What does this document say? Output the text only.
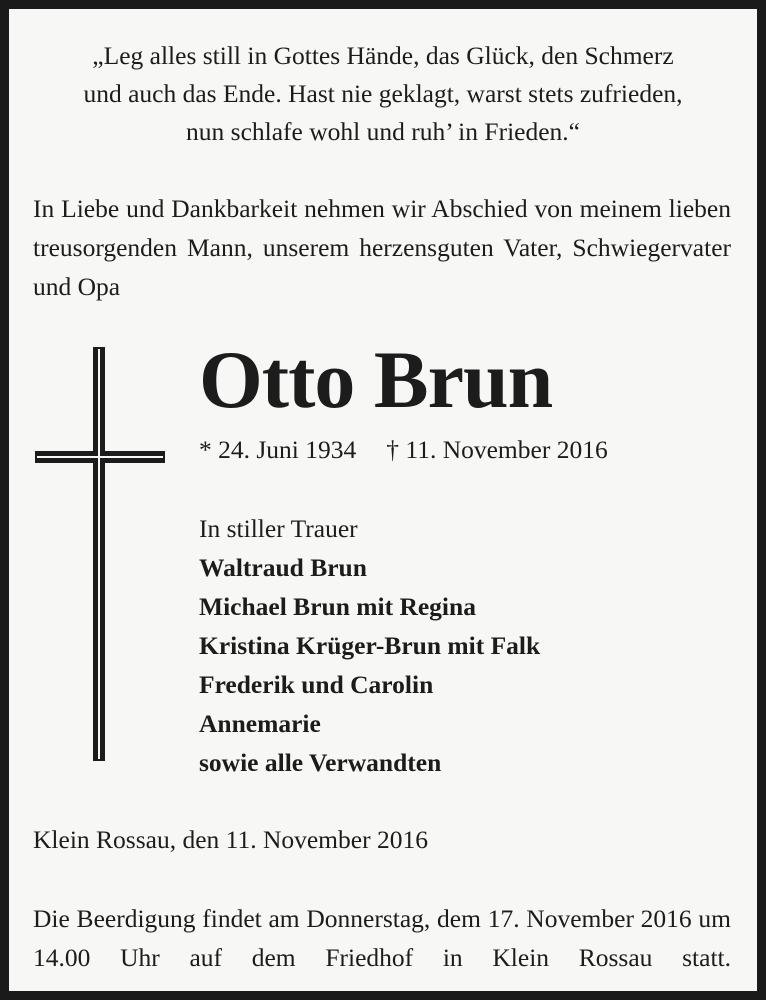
„Leg alles still in Gottes Hände, das Glück, den Schmerz
und auch das Ende. Hast nie geklagt, warst stets zufrieden,
nun schlafe wohl und ruh’ in Frieden.“
In Liebe und Dankbarkeit nehmen wir Abschied von meinem lieben treusorgenden Mann, unserem herzensguten Vater, Schwiegervater und Opa
Otto Brun
* 24. Juni 1934 † 11. November 2016
In stiller Trauer
Waltraud Brun
Michael Brun mit Regina
Kristina Krüger-Brun mit Falk
Frederik und Carolin
Annemarie
sowie alle Verwandten
Klein Rossau, den 11. November 2016
Die Beerdigung findet am Donnerstag, dem 17. November 2016 um 14.00 Uhr auf dem Friedhof in Klein Rossau statt.
